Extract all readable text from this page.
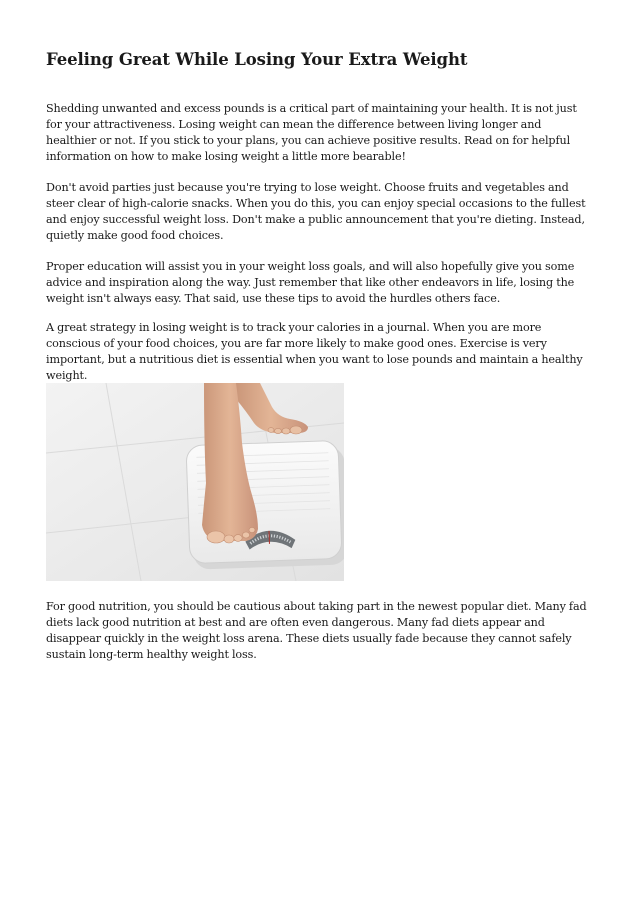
Feeling Great While Losing Your Extra Weight

Shedding unwanted and excess pounds is a critical part of maintaining your health. It is not just for your attractiveness. Losing weight can mean the difference between living longer and healthier or not. If you stick to your plans, you can achieve positive results. Read on for helpful information on how to make losing weight a little more bearable!

Don't avoid parties just because you're trying to lose weight. Choose fruits and vegetables and steer clear of high-calorie snacks. When you do this, you can enjoy special occasions to the fullest and enjoy successful weight loss. Don't make a public announcement that you're dieting. Instead, quietly make good food choices.

Proper education will assist you in your weight loss goals, and will also hopefully give you some advice and inspiration along the way. Just remember that like other endeavors in life, losing the weight isn't always easy. That said, use these tips to avoid the hurdles others face.

A great strategy in losing weight is to track your calories in a journal. When you are more conscious of your food choices, you are far more likely to make good ones. Exercise is very important, but a nutritious diet is essential when you want to lose pounds and maintain a healthy weight.

For good nutrition, you should be cautious about taking part in the newest popular diet. Many fad diets lack good nutrition at best and are often even dangerous. Many fad diets appear and disappear quickly in the weight loss arena. These diets usually fade because they cannot safely sustain long-term healthy weight loss.
